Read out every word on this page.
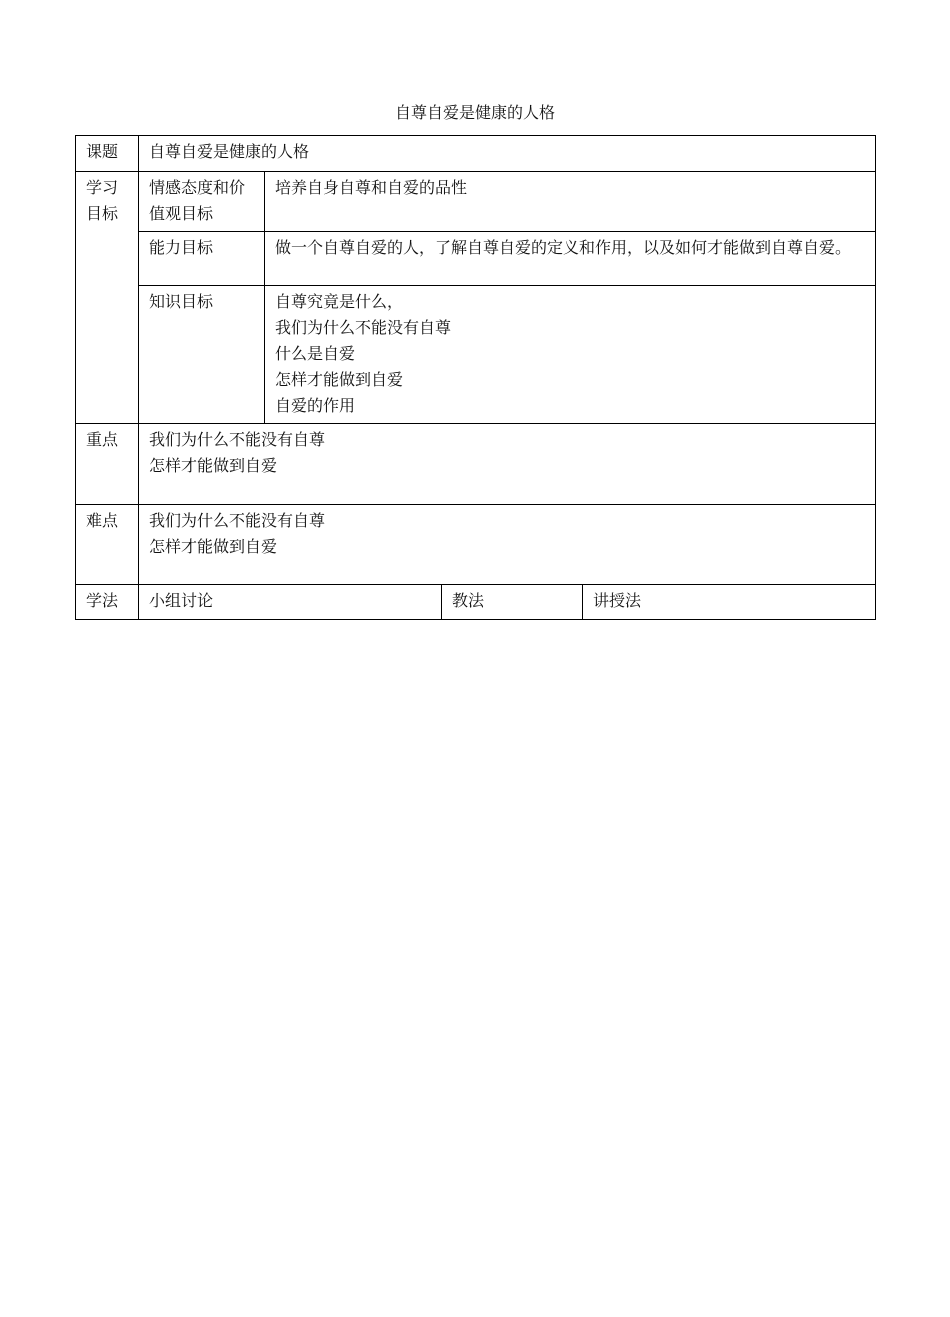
自尊自爱是健康的人格
课题	自尊自爱是健康的人格			

学习
目标	情感态度和价
值观目标	培养自身自尊和自爱的品性		
	能力目标	做一个自尊自爱的人，了解自尊自爱的定义和作用，以及如何才能做到自尊自爱。		

	知识目标	自尊究竟是什么，
我们为什么不能没有自尊
什么是自爱
怎样才能做到自爱
自爱的作用		

重点	我们为什么不能没有自尊
怎样才能做到自爱			

难点	我们为什么不能没有自尊
怎样才能做到自爱			

学法	小组讨论		教法	讲授法
